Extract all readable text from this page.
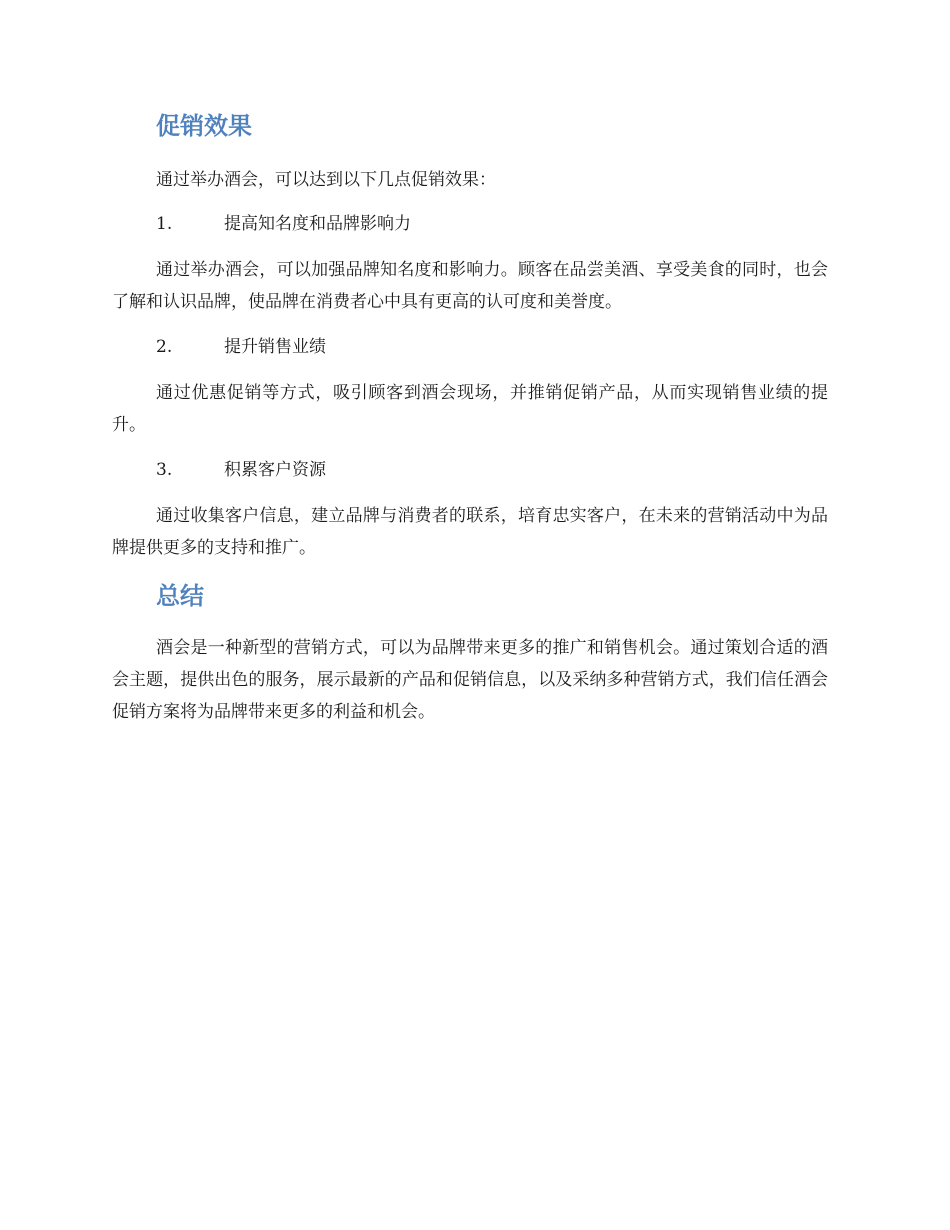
促销效果

通过举办酒会，可以达到以下几点促销效果：

1.	提高知名度和品牌影响力

通过举办酒会，可以加强品牌知名度和影响力。顾客在品尝美酒、享受美食的同时，也会了解和认识品牌，使品牌在消费者心中具有更高的认可度和美誉度。

2.	提升销售业绩

通过优惠促销等方式，吸引顾客到酒会现场，并推销促销产品，从而实现销售业绩的提升。

3.	积累客户资源

通过收集客户信息，建立品牌与消费者的联系，培育忠实客户，在未来的营销活动中为品牌提供更多的支持和推广。

总结

酒会是一种新型的营销方式，可以为品牌带来更多的推广和销售机会。通过策划合适的酒会主题，提供出色的服务，展示最新的产品和促销信息，以及采纳多种营销方式，我们信任酒会促销方案将为品牌带来更多的利益和机会。
